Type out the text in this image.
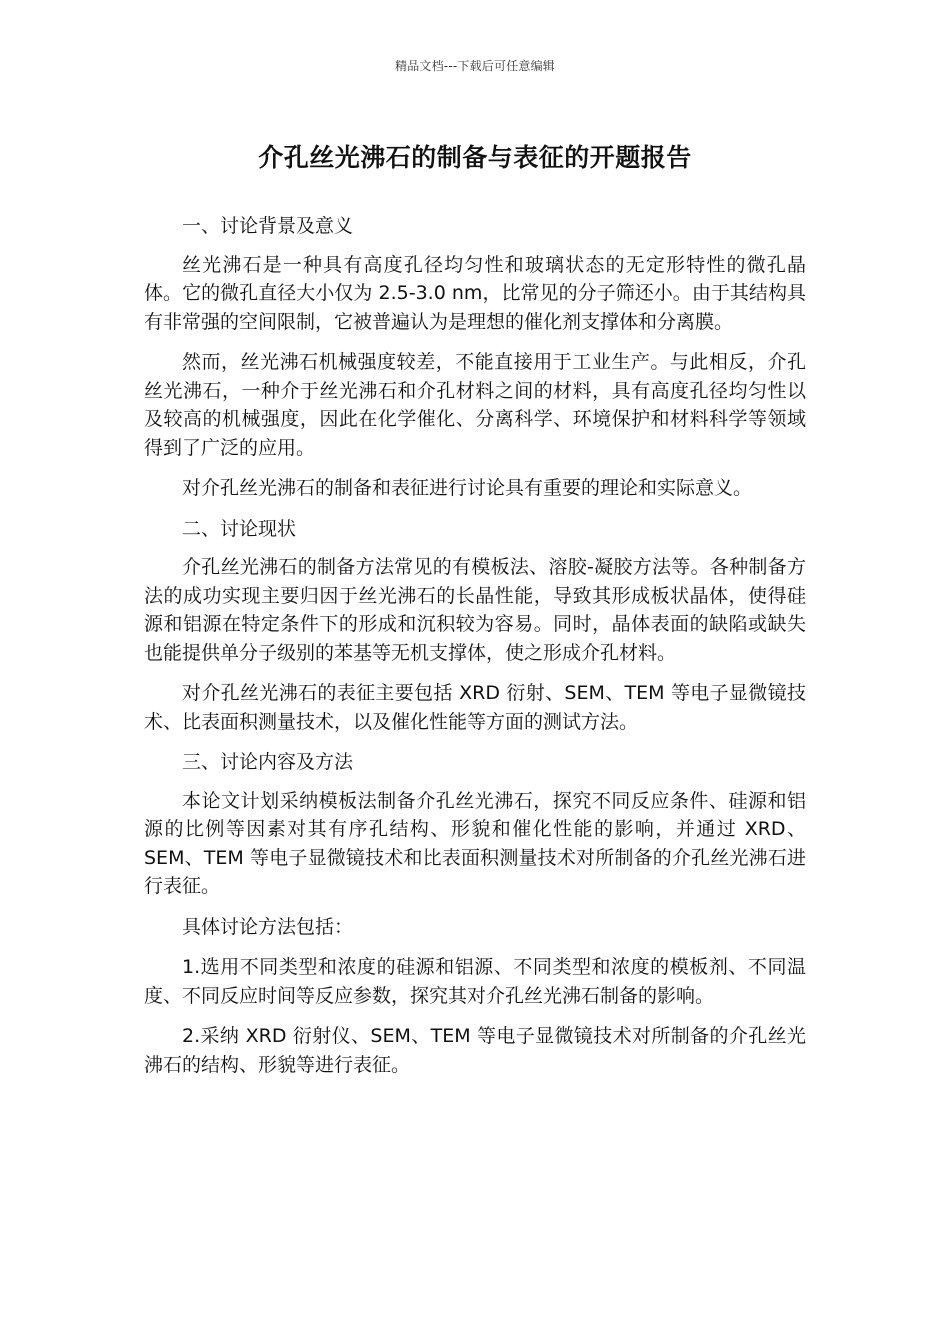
精品文档---下载后可任意编辑
介孔丝光沸石的制备与表征的开题报告

一、讨论背景及意义

丝光沸石是一种具有高度孔径均匀性和玻璃状态的无定形特性的微孔晶体。它的微孔直径大小仅为 2.5-3.0 nm，比常见的分子筛还小。由于其结构具有非常强的空间限制，它被普遍认为是理想的催化剂支撑体和分离膜。

然而，丝光沸石机械强度较差，不能直接用于工业生产。与此相反，介孔丝光沸石，一种介于丝光沸石和介孔材料之间的材料，具有高度孔径均匀性以及较高的机械强度，因此在化学催化、分离科学、环境保护和材料科学等领域得到了广泛的应用。

对介孔丝光沸石的制备和表征进行讨论具有重要的理论和实际意义。

二、讨论现状

介孔丝光沸石的制备方法常见的有模板法、溶胶-凝胶方法等。各种制备方法的成功实现主要归因于丝光沸石的长晶性能，导致其形成板状晶体，使得硅源和铝源在特定条件下的形成和沉积较为容易。同时，晶体表面的缺陷或缺失也能提供单分子级别的苯基等无机支撑体，使之形成介孔材料。

对介孔丝光沸石的表征主要包括 XRD 衍射、SEM、TEM 等电子显微镜技术、比表面积测量技术，以及催化性能等方面的测试方法。

三、讨论内容及方法

本论文计划采纳模板法制备介孔丝光沸石，探究不同反应条件、硅源和铝源的比例等因素对其有序孔结构、形貌和催化性能的影响，并通过 XRD、SEM、TEM 等电子显微镜技术和比表面积测量技术对所制备的介孔丝光沸石进行表征。

具体讨论方法包括：

1.选用不同类型和浓度的硅源和铝源、不同类型和浓度的模板剂、不同温度、不同反应时间等反应参数，探究其对介孔丝光沸石制备的影响。

2.采纳 XRD 衍射仪、SEM、TEM 等电子显微镜技术对所制备的介孔丝光沸石的结构、形貌等进行表征。
